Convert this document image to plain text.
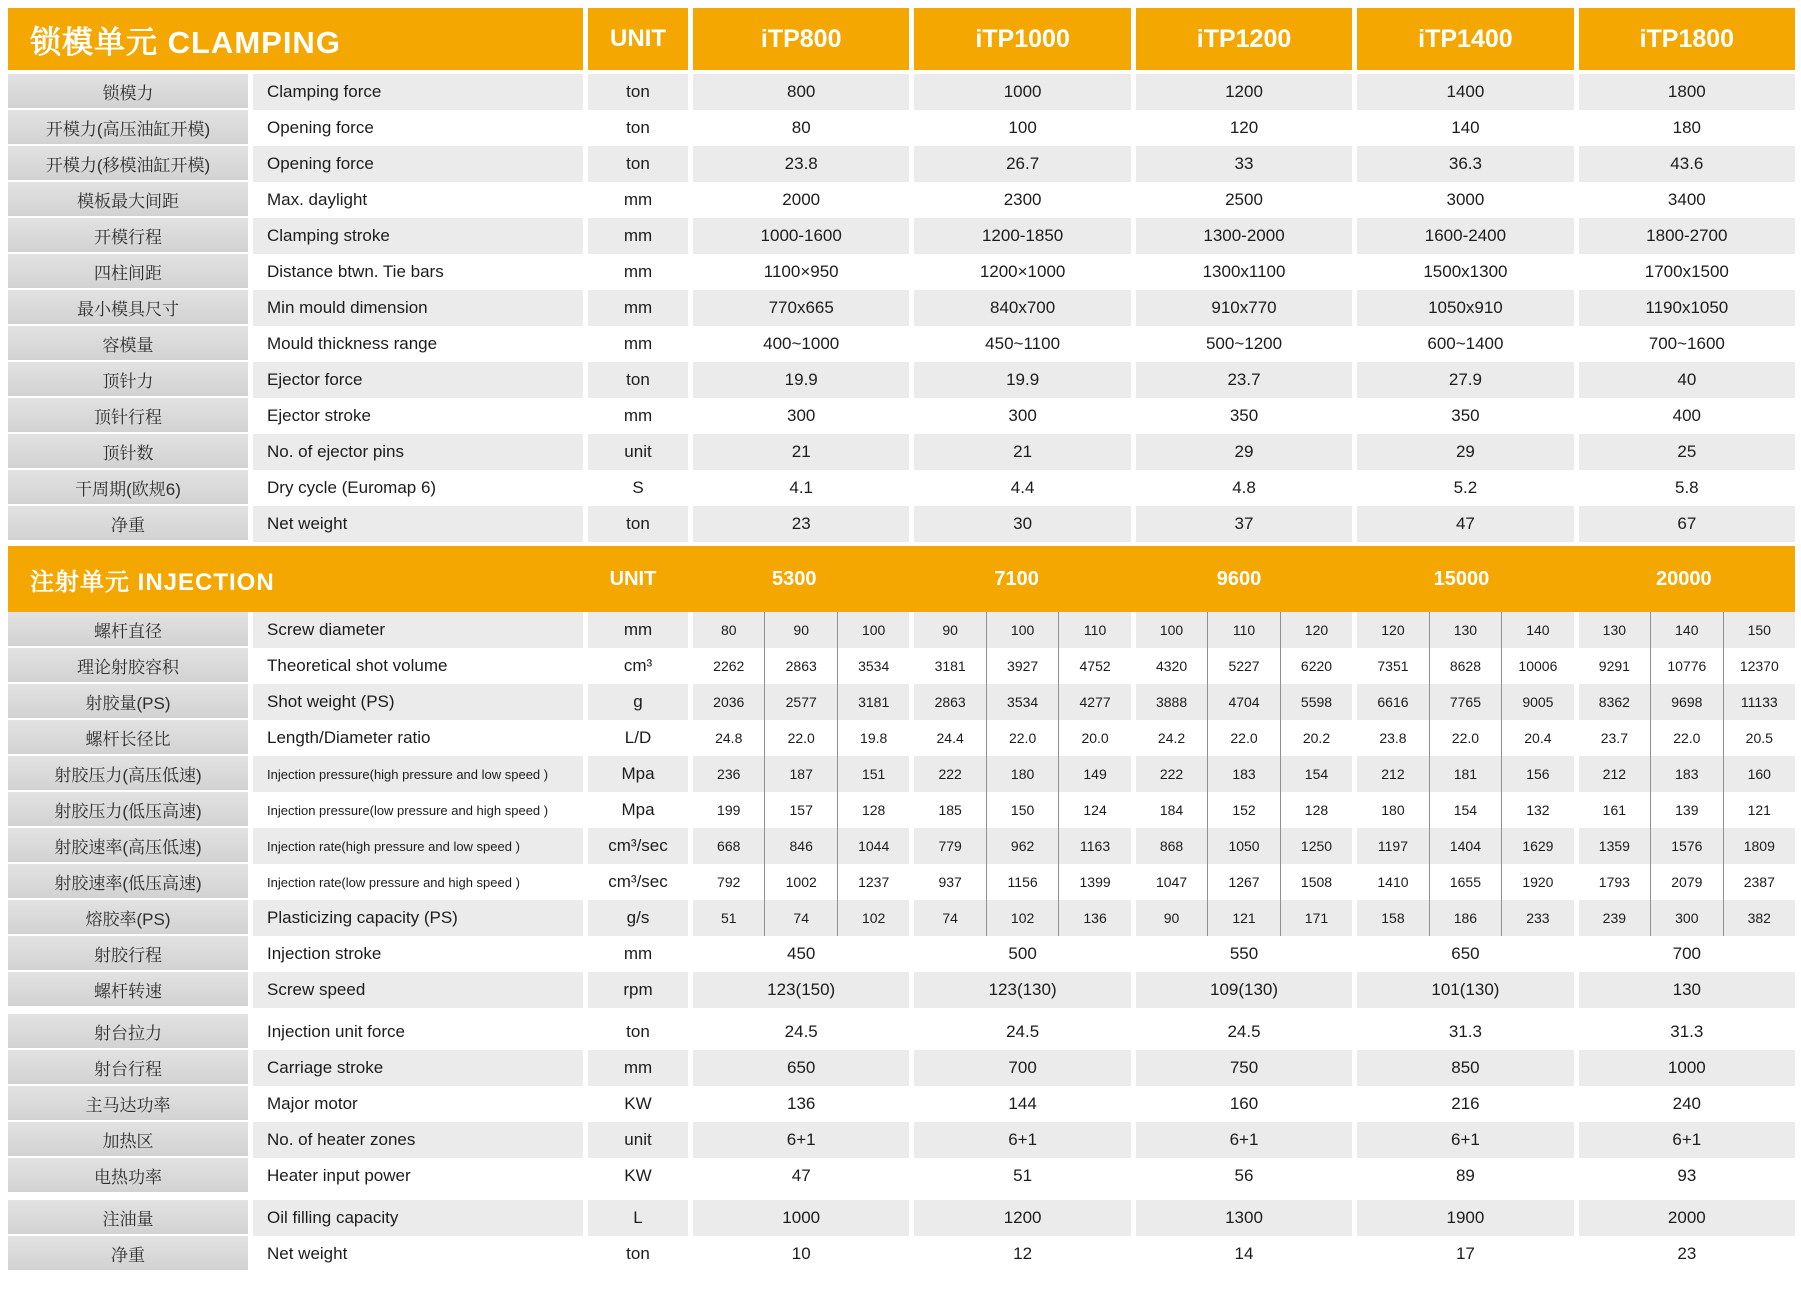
锁模单元 CLAMPING	UNIT	iTP800	iTP1000	iTP1200	iTP1400	iTP1800
锁模力	Clamping force	ton	800	1000	1200	1400	1800
开模力(高压油缸开模)	Opening force	ton	80	100	120	140	180
开模力(移模油缸开模)	Opening force	ton	23.8	26.7	33	36.3	43.6
模板最大间距	Max. daylight	mm	2000	2300	2500	3000	3400
开模行程	Clamping stroke	mm	1000-1600	1200-1850	1300-2000	1600-2400	1800-2700
四柱间距	Distance btwn. Tie bars	mm	1100×950	1200×1000	1300x1100	1500x1300	1700x1500
最小模具尺寸	Min mould dimension	mm	770x665	840x700	910x770	1050x910	1190x1050
容模量	Mould thickness range	mm	400~1000	450~1100	500~1200	600~1400	700~1600
顶针力	Ejector force	ton	19.9	19.9	23.7	27.9	40
顶针行程	Ejector stroke	mm	300	300	350	350	400
顶针数	No. of ejector pins	unit	21	21	29	29	25
干周期(欧规6)	Dry cycle (Euromap 6)	S	4.1	4.4	4.8	5.2	5.8
净重	Net weight	ton	23	30	37	47	67
注射单元 INJECTION	UNIT	5300	7100	9600	15000	20000
螺杆直径	Screw diameter	mm	80	90	100	90	100	110	100	110	120	120	130	140	130	140	150
理论射胶容积	Theoretical shot volume	cm³	2262	2863	3534	3181	3927	4752	4320	5227	6220	7351	8628	10006	9291	10776	12370
射胶量(PS)	Shot weight (PS)	g	2036	2577	3181	2863	3534	4277	3888	4704	5598	6616	7765	9005	8362	9698	11133
螺杆长径比	Length/Diameter ratio	L/D	24.8	22.0	19.8	24.4	22.0	20.0	24.2	22.0	20.2	23.8	22.0	20.4	23.7	22.0	20.5
射胶压力(高压低速)	Injection pressure(high pressure and low speed )	Mpa	236	187	151	222	180	149	222	183	154	212	181	156	212	183	160
射胶压力(低压高速)	Injection pressure(low pressure and high speed )	Mpa	199	157	128	185	150	124	184	152	128	180	154	132	161	139	121
射胶速率(高压低速)	Injection rate(high pressure and low speed )	cm³/sec	668	846	1044	779	962	1163	868	1050	1250	1197	1404	1629	1359	1576	1809
射胶速率(低压高速)	Injection rate(low pressure and high speed )	cm³/sec	792	1002	1237	937	1156	1399	1047	1267	1508	1410	1655	1920	1793	2079	2387
熔胶率(PS)	Plasticizing capacity (PS)	g/s	51	74	102	74	102	136	90	121	171	158	186	233	239	300	382
射胶行程	Injection stroke	mm	450	500	550	650	700
螺杆转速	Screw speed	rpm	123(150)	123(130)	109(130)	101(130)	130
射台拉力	Injection unit force	ton	24.5	24.5	24.5	31.3	31.3
射台行程	Carriage stroke	mm	650	700	750	850	1000
主马达功率	Major motor	KW	136	144	160	216	240
加热区	No. of heater zones	unit	6+1	6+1	6+1	6+1	6+1
电热功率	Heater input power	KW	47	51	56	89	93
注油量	Oil filling capacity	L	1000	1200	1300	1900	2000
净重	Net weight	ton	10	12	14	17	23
